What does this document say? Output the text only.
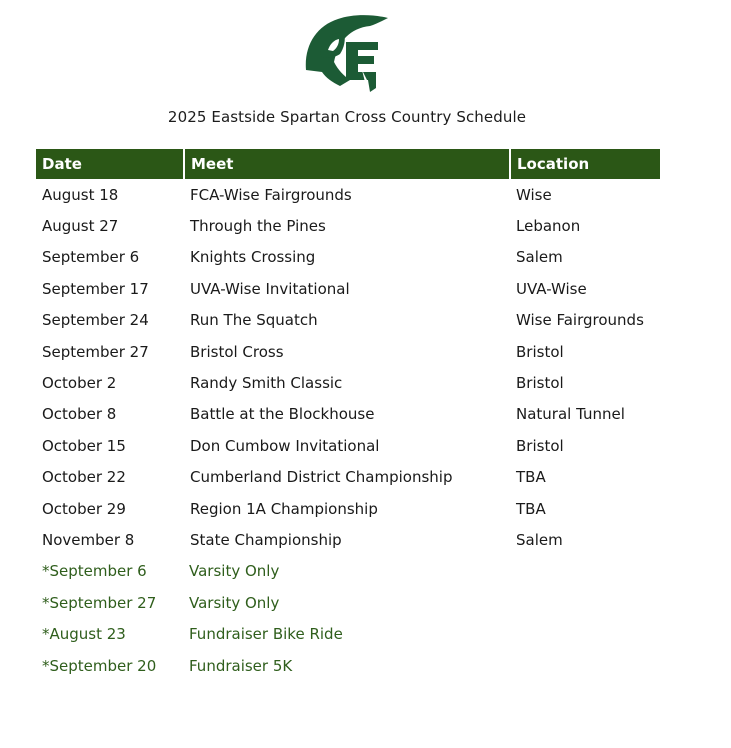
2025 Eastside Spartan Cross Country Schedule
Date	Meet	Location
August 18	FCA-Wise Fairgrounds	Wise
August 27	Through the Pines	Lebanon
September 6	Knights Crossing	Salem
September 17	UVA-Wise Invitational	UVA-Wise
September 24	Run The Squatch	Wise Fairgrounds
September 27	Bristol Cross	Bristol
October 2	Randy Smith Classic	Bristol
October 8	Battle at the Blockhouse	Natural Tunnel
October 15	Don Cumbow Invitational	Bristol
October 22	Cumberland District Championship	TBA
October 29	Region 1A Championship	TBA
November 8	State Championship	Salem
*September 6	Varsity Only
*September 27	Varsity Only
*August 23	Fundraiser Bike Ride
*September 20	Fundraiser 5K
